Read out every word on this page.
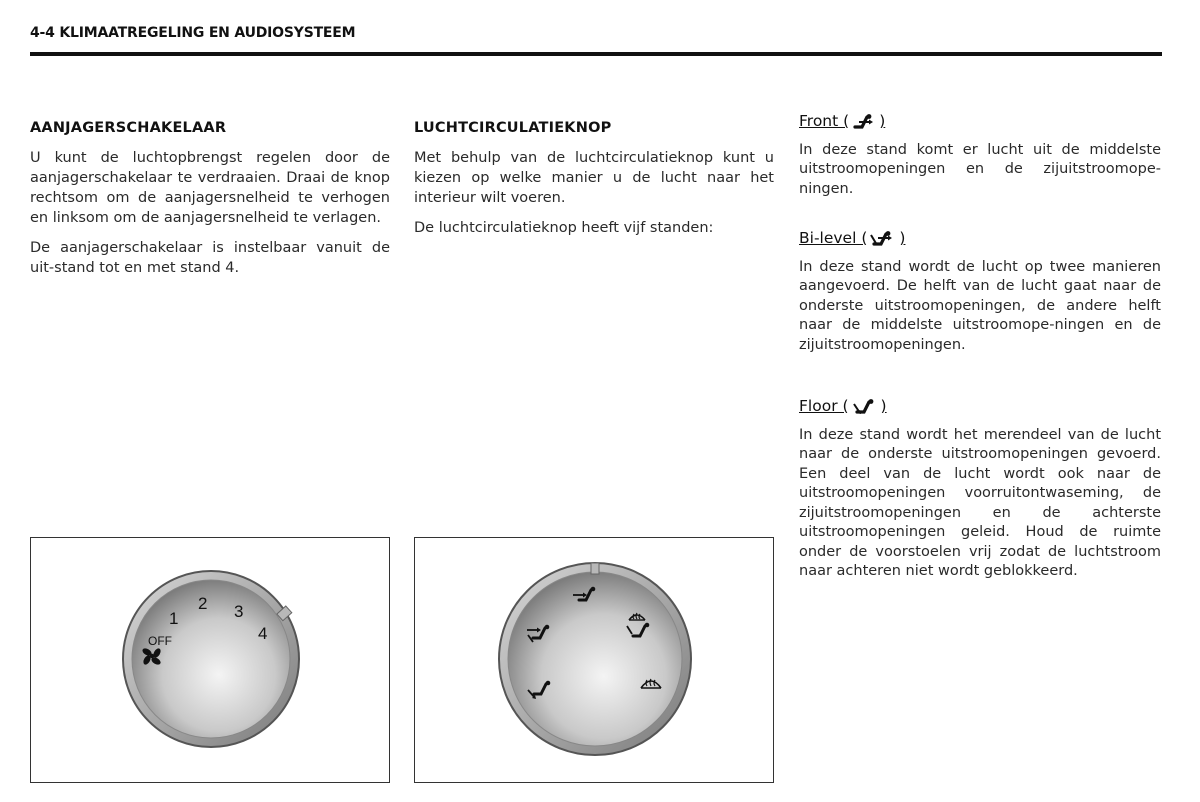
4-4 KLIMAATREGELING EN AUDIOSYSTEEM
AANJAGERSCHAKELAAR

U kunt de luchtopbrengst regelen door de aanjagerschakelaar te verdraaien. Draai de knop rechtsom om de aanjagersnelheid te verhogen en linksom om de aanjagersnelheid te verlagen.

De aanjagerschakelaar is instelbaar vanuit de uit-stand tot en met stand 4.

LUCHTCIRCULATIEKNOP

Met behulp van de luchtcirculatieknop kunt u kiezen op welke manier u de lucht naar het interieur wilt voeren.

De luchtcirculatieknop heeft vijf standen:

Front ( )

In deze stand komt er lucht uit de middelste uitstroomopeningen en de zijuitstroomope-ningen.

Bi-level ( )

In deze stand wordt de lucht op twee manieren aangevoerd. De helft van de lucht gaat naar de onderste uitstroomopeningen, de andere helft naar de middelste uitstroomope-ningen en de zijuitstroomopeningen.

Floor ( )

In deze stand wordt het merendeel van de lucht naar de onderste uitstroomopeningen gevoerd. Een deel van de lucht wordt ook naar de uitstroomopeningen voorruitontwaseming, de zijuitstroomopeningen en de achterste uitstroomopeningen geleid. Houd de ruimte onder de voorstoelen vrij zodat de luchtstroom naar achteren niet wordt geblokkeerd.

1
2 3
4
OFF
